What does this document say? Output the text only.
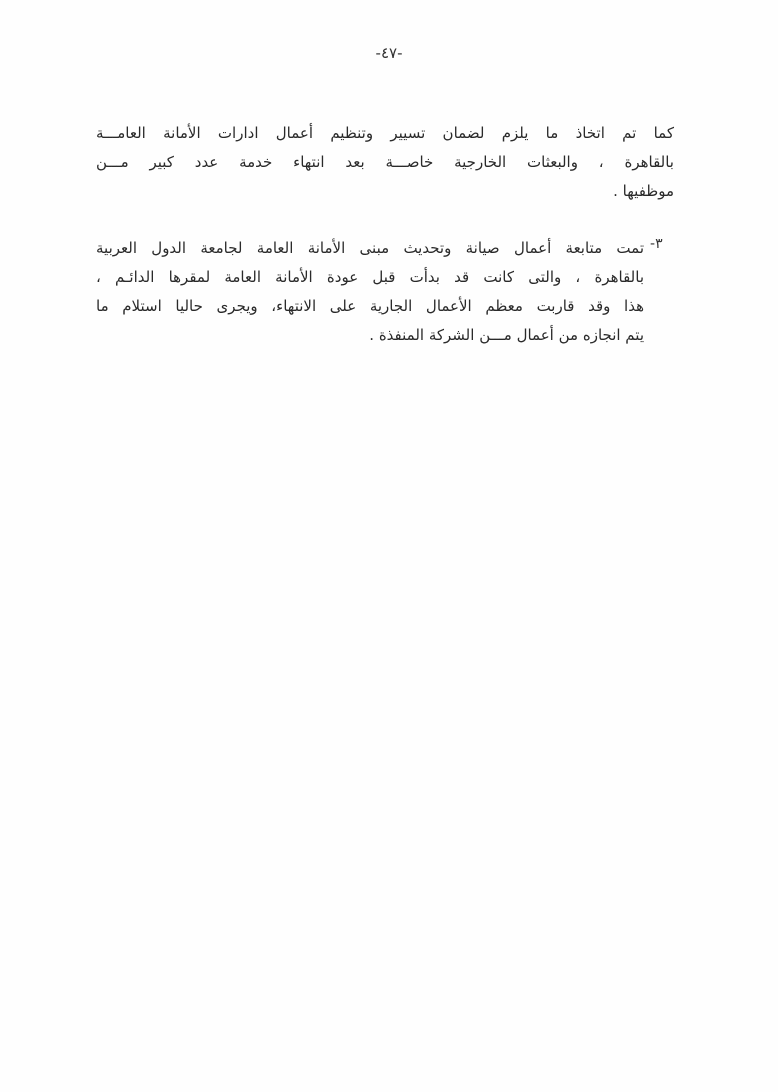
-٤٧-
كما تم اتخاذ ما يلزم لضمان تسيير وتنظيم أعمال ادارات الأمانة العامـــة
بالقاهرة ، والبعثات الخارجية خاصـــة بعد انتهاء خدمة عدد كبير مـــن
موظفيها .
٣-
تمت متابعة أعمال صيانة وتحديث مبنى الأمانة العامة لجامعة الدول العربية
بالقاهرة ، والتى كانت قد بدأت قبل عودة الأمانة العامة لمقرها الدائـم ،
هذا وقد قاربت معظم الأعمال الجارية على الانتهاء، ويجرى حاليا استلام ما
يتم انجازه من أعمال مـــن الشركة المنفذة .
